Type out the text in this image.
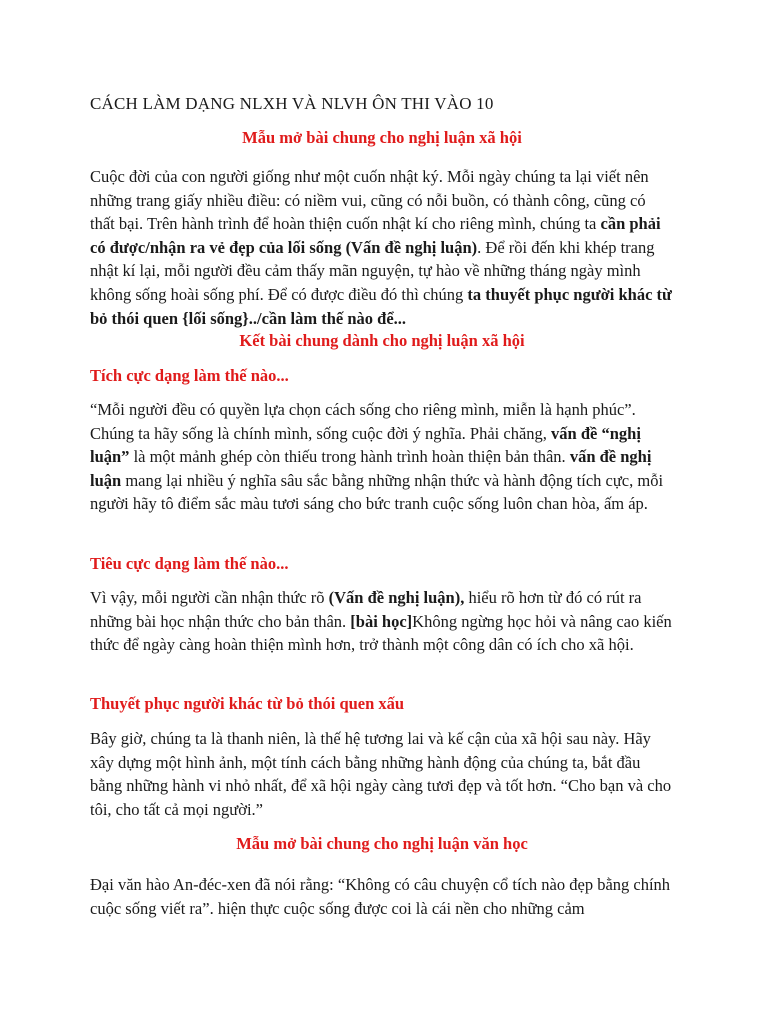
CÁCH LÀM DẠNG NLXH VÀ NLVH ÔN THI VÀO 10
Mẫu mở bài chung cho nghị luận xã hội
Cuộc đời của con người giống như một cuốn nhật ký. Mỗi ngày chúng ta lại viết nên những trang giấy nhiều điều: có niềm vui, cũng có nỗi buồn, có thành công, cũng có thất bại. Trên hành trình để hoàn thiện cuốn nhật kí cho riêng mình, chúng ta cần phải có được/nhận ra vẻ đẹp của lối sống (Vấn đề nghị luận). Để rồi đến khi khép trang nhật kí lại, mỗi người đều cảm thấy mãn nguyện, tự hào về những tháng ngày mình không sống hoài sống phí. Để có được điều đó thì chúng ta thuyết phục người khác từ bỏ thói quen {lối sống}../cần làm thế nào để...
Kết bài chung dành cho nghị luận xã hội
Tích cực dạng làm thế nào...
“Mỗi người đều có quyền lựa chọn cách sống cho riêng mình, miễn là hạnh phúc”. Chúng ta hãy sống là chính mình, sống cuộc đời ý nghĩa. Phải chăng, vấn đề “nghị luận” là một mảnh ghép còn thiếu trong hành trình hoàn thiện bản thân. vấn đề nghị luận mang lại nhiều ý nghĩa sâu sắc bằng những nhận thức và hành động tích cực, mỗi người hãy tô điểm sắc màu tươi sáng cho bức tranh cuộc sống luôn chan hòa, ấm áp.
Tiêu cực dạng làm thế nào...
Vì vậy, mỗi người cần nhận thức rõ (Vấn đề nghị luận), hiểu rõ hơn từ đó có rút ra những bài học nhận thức cho bản thân. [bài học]Không ngừng học hỏi và nâng cao kiến thức để ngày càng hoàn thiện mình hơn, trở thành một công dân có ích cho xã hội.
Thuyết phục người khác từ bỏ thói quen xấu
Bây giờ, chúng ta là thanh niên, là thế hệ tương lai và kế cận của xã hội sau này. Hãy xây dựng một hình ảnh, một tính cách bằng những hành động của chúng ta, bắt đầu bằng những hành vi nhỏ nhất, để xã hội ngày càng tươi đẹp và tốt hơn. “Cho bạn và cho tôi, cho tất cả mọi người.”
Mẫu mở bài chung cho nghị luận văn học
Đại văn hào An-đéc-xen đã nói rằng: “Không có câu chuyện cổ tích nào đẹp bằng chính cuộc sống viết ra”. hiện thực cuộc sống được coi là cái nền cho những cảm
